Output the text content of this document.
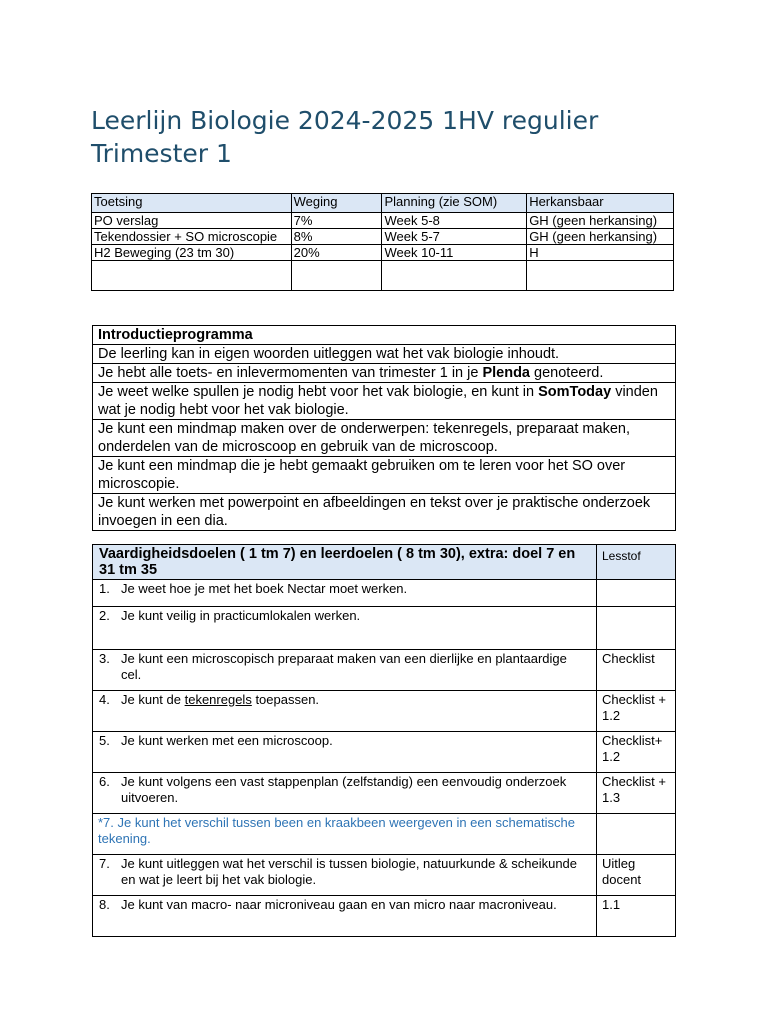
Leerlijn Biologie 2024-2025 1HV regulier
Trimester 1
Toetsing	Weging	Planning (zie SOM)	Herkansbaar
PO verslag	7%	Week 5-8	GH (geen herkansing)
Tekendossier + SO microscopie	8%	Week 5-7	GH (geen herkansing)
H2 Beweging (23 tm 30)	20%	Week 10-11	H

Introductieprogramma
De leerling kan in eigen woorden uitleggen wat het vak biologie inhoudt.
Je hebt alle toets- en inlevermomenten van trimester 1 in je Plenda genoteerd.
Je weet welke spullen je nodig hebt voor het vak biologie, en kunt in SomToday vinden wat je nodig hebt voor het vak biologie.
Je kunt een mindmap maken over de onderwerpen: tekenregels, preparaat maken, onderdelen van de microscoop en gebruik van de microscoop.
Je kunt een mindmap die je hebt gemaakt gebruiken om te leren voor het SO over microscopie.
Je kunt werken met powerpoint en afbeeldingen en tekst over je praktische onderzoek invoegen in een dia.
Vaardigheidsdoelen ( 1 tm 7) en leerdoelen ( 8 tm 30), extra: doel 7 en 31 tm 35	Lesstof
1. Je weet hoe je met het boek Nectar moet werken.	
2. Je kunt veilig in practicumlokalen werken.	
3. Je kunt een microscopisch preparaat maken van een dierlijke en plantaardige cel.	Checklist
4. Je kunt de tekenregels toepassen.	Checklist + 1.2
5. Je kunt werken met een microscoop.	Checklist+ 1.2
6. Je kunt volgens een vast stappenplan (zelfstandig) een eenvoudig onderzoek uitvoeren.	Checklist + 1.3
*7. Je kunt het verschil tussen been en kraakbeen weergeven in een schematische tekening.	
7. Je kunt uitleggen wat het verschil is tussen biologie, natuurkunde & scheikunde en wat je leert bij het vak biologie.	Uitleg docent
8. Je kunt van macro- naar microniveau gaan en van micro naar macroniveau.	1.1
